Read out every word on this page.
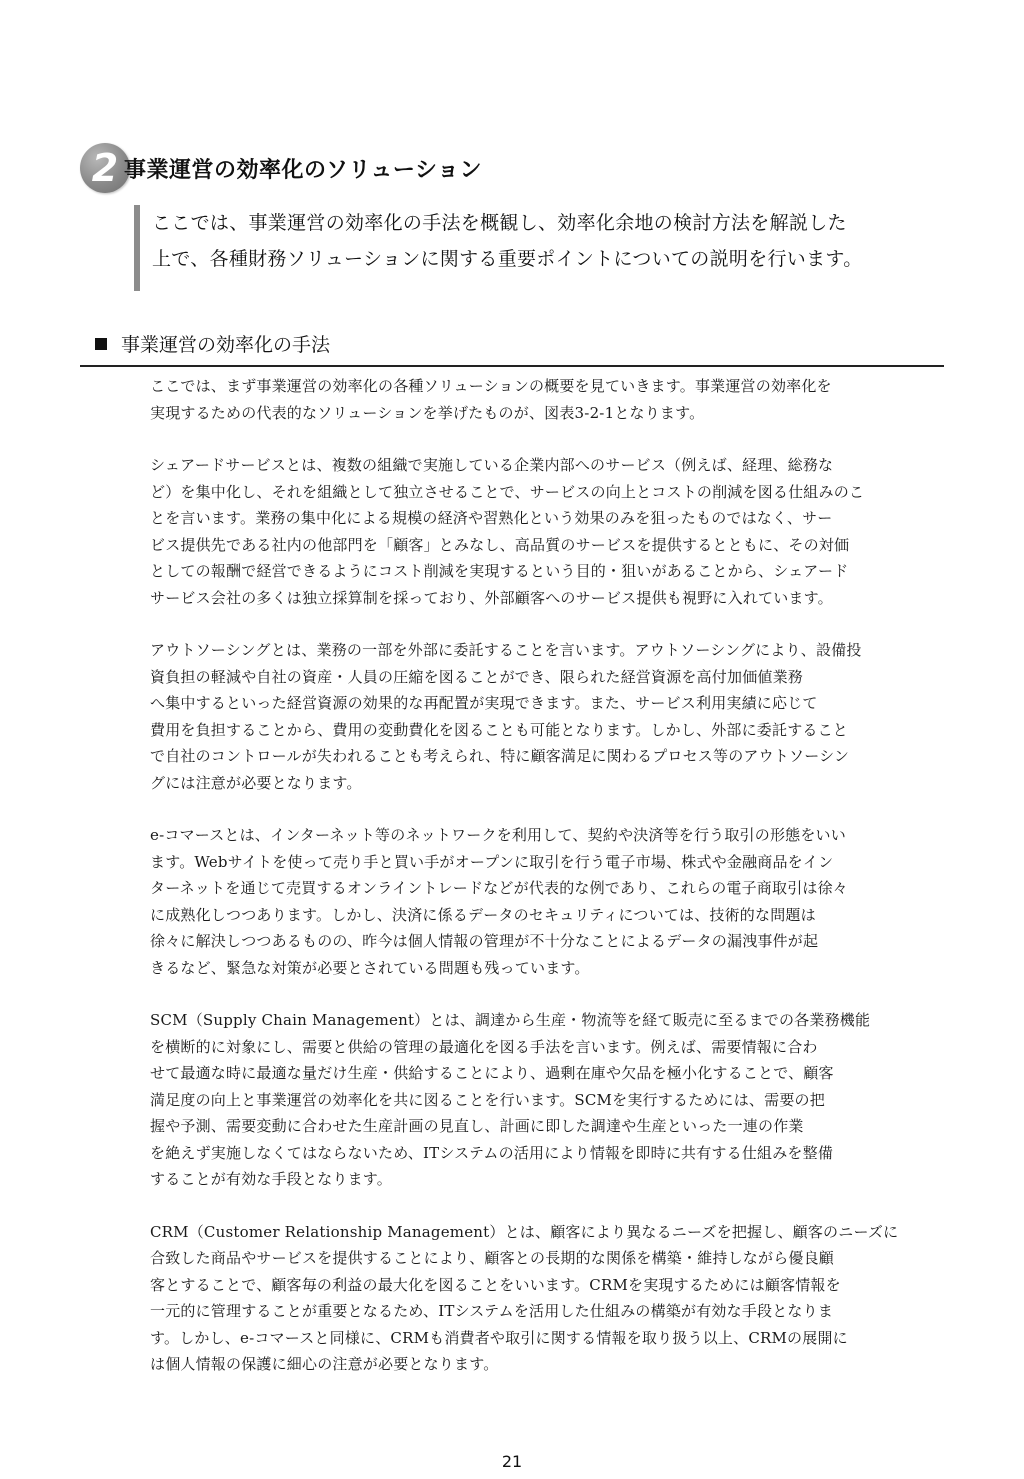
2 事業運営の効率化のソリューション
ここでは、事業運営の効率化の手法を概観し、効率化余地の検討方法を解説した
上で、各種財務ソリューションに関する重要ポイントについての説明を行います。
事業運営の効率化の手法
ここでは、まず事業運営の効率化の各種ソリューションの概要を見ていきます。事業運営の効率化を
実現するための代表的なソリューションを挙げたものが、図表3-2-1となります。
シェアードサービスとは、複数の組織で実施している企業内部へのサービス（例えば、経理、総務な
ど）を集中化し、それを組織として独立させることで、サービスの向上とコストの削減を図る仕組みのこ
とを言います。業務の集中化による規模の経済や習熟化という効果のみを狙ったものではなく、サー
ビス提供先である社内の他部門を「顧客」とみなし、高品質のサービスを提供するとともに、その対価
としての報酬で経営できるようにコスト削減を実現するという目的・狙いがあることから、シェアード
サービス会社の多くは独立採算制を採っており、外部顧客へのサービス提供も視野に入れています。
アウトソーシングとは、業務の一部を外部に委託することを言います。アウトソーシングにより、設備投
資負担の軽減や自社の資産・人員の圧縮を図ることができ、限られた経営資源を高付加価値業務
へ集中するといった経営資源の効果的な再配置が実現できます。また、サービス利用実績に応じて
費用を負担することから、費用の変動費化を図ることも可能となります。しかし、外部に委託すること
で自社のコントロールが失われることも考えられ、特に顧客満足に関わるプロセス等のアウトソーシン
グには注意が必要となります。
e-コマースとは、インターネット等のネットワークを利用して、契約や決済等を行う取引の形態をいい
ます。Webサイトを使って売り手と買い手がオープンに取引を行う電子市場、株式や金融商品をイン
ターネットを通じて売買するオンライントレードなどが代表的な例であり、これらの電子商取引は徐々
に成熟化しつつあります。しかし、決済に係るデータのセキュリティについては、技術的な問題は
徐々に解決しつつあるものの、昨今は個人情報の管理が不十分なことによるデータの漏洩事件が起
きるなど、緊急な対策が必要とされている問題も残っています。
SCM（Supply Chain Management）とは、調達から生産・物流等を経て販売に至るまでの各業務機能
を横断的に対象にし、需要と供給の管理の最適化を図る手法を言います。例えば、需要情報に合わ
せて最適な時に最適な量だけ生産・供給することにより、過剰在庫や欠品を極小化することで、顧客
満足度の向上と事業運営の効率化を共に図ることを行います。SCMを実行するためには、需要の把
握や予測、需要変動に合わせた生産計画の見直し、計画に即した調達や生産といった一連の作業
を絶えず実施しなくてはならないため、ITシステムの活用により情報を即時に共有する仕組みを整備
することが有効な手段となります。
CRM（Customer Relationship Management）とは、顧客により異なるニーズを把握し、顧客のニーズに
合致した商品やサービスを提供することにより、顧客との長期的な関係を構築・維持しながら優良顧
客とすることで、顧客毎の利益の最大化を図ることをいいます。CRMを実現するためには顧客情報を
一元的に管理することが重要となるため、ITシステムを活用した仕組みの構築が有効な手段となりま
す。しかし、e-コマースと同様に、CRMも消費者や取引に関する情報を取り扱う以上、CRMの展開に
は個人情報の保護に細心の注意が必要となります。
21
